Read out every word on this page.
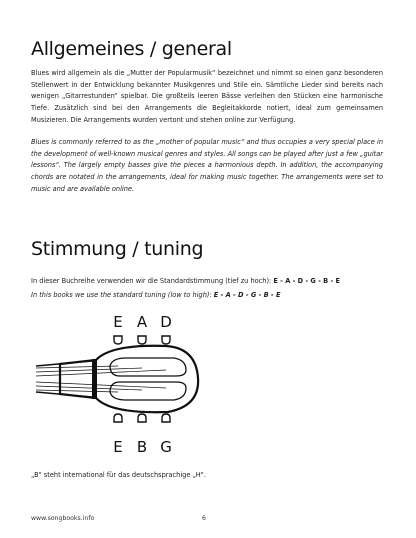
Allgemeines / general

Blues wird allgemein als die „Mutter der Popularmusik“ bezeichnet und nimmt so einen ganz besonderen Stellenwert in der Entwicklung bekannter Musikgenres und Stile ein. Sämtliche Lieder sind bereits nach wenigen „Gitarrestunden“ spielbar. Die großteils leeren Bässe verleihen den Stücken eine harmonische Tiefe. Zusätzlich sind bei den Arrangements die Begleitakkorde notiert, ideal zum gemeinsamen Musizieren. Die Arrangements wurden vertont und stehen online zur Verfügung.

Blues is commonly referred to as the „mother of popular music“ and thus occupies a very special place in the development of well-known musical genres and styles. All songs can be played after just a few „guitar lessons“. The largely empty basses give the pieces a harmonious depth. In addition, the accompanying chords are notated in the arrangements, ideal for making music together. The arrangements were set to music and are available online.

Stimmung / tuning

In dieser Buchreihe verwenden wir die Standardstimmung (tief zu hoch): E - A - D - G - B - E

In this books we use the standard tuning (low to high): E - A - D - G - B - E

E A D
E B G

„B“ steht international für das deutschsprachige „H“.

www.songbooks.info	6
